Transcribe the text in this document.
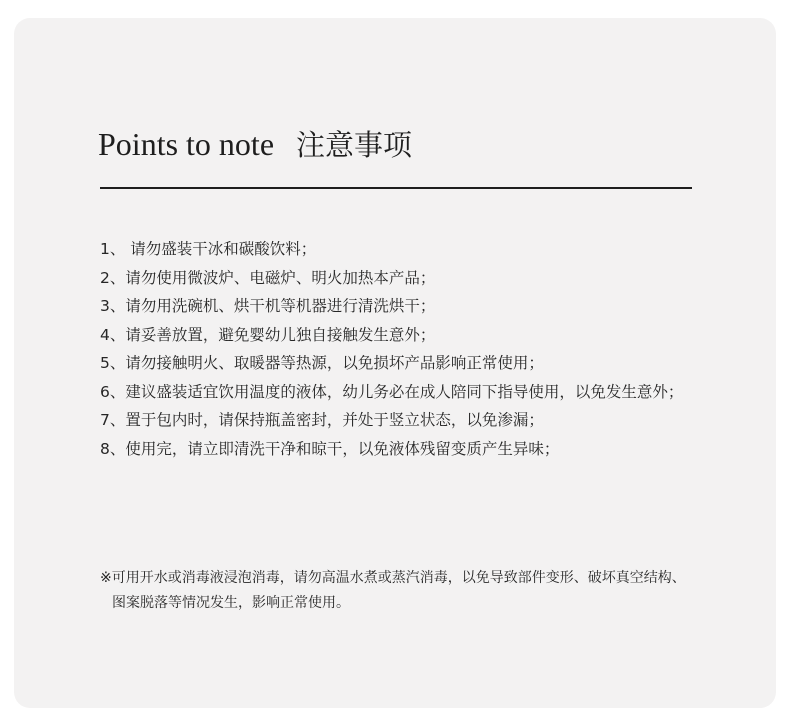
Points to note 注意事项
1、 请勿盛装干冰和碳酸饮料；
2、请勿使用微波炉、电磁炉、明火加热本产品；
3、请勿用洗碗机、烘干机等机器进行清洗烘干；
4、请妥善放置，避免婴幼儿独自接触发生意外；
5、请勿接触明火、取暖器等热源，以免损坏产品影响正常使用；
6、建议盛装适宜饮用温度的液体，幼儿务必在成人陪同下指导使用，以免发生意外；
7、置于包内时，请保持瓶盖密封，并处于竖立状态，以免渗漏；
8、使用完，请立即清洗干净和晾干，以免液体残留变质产生异味；

※可用开水或消毒液浸泡消毒，请勿高温水煮或蒸汽消毒，以免导致部件变形、破坏真空结构、图案脱落等情况发生，影响正常使用。
